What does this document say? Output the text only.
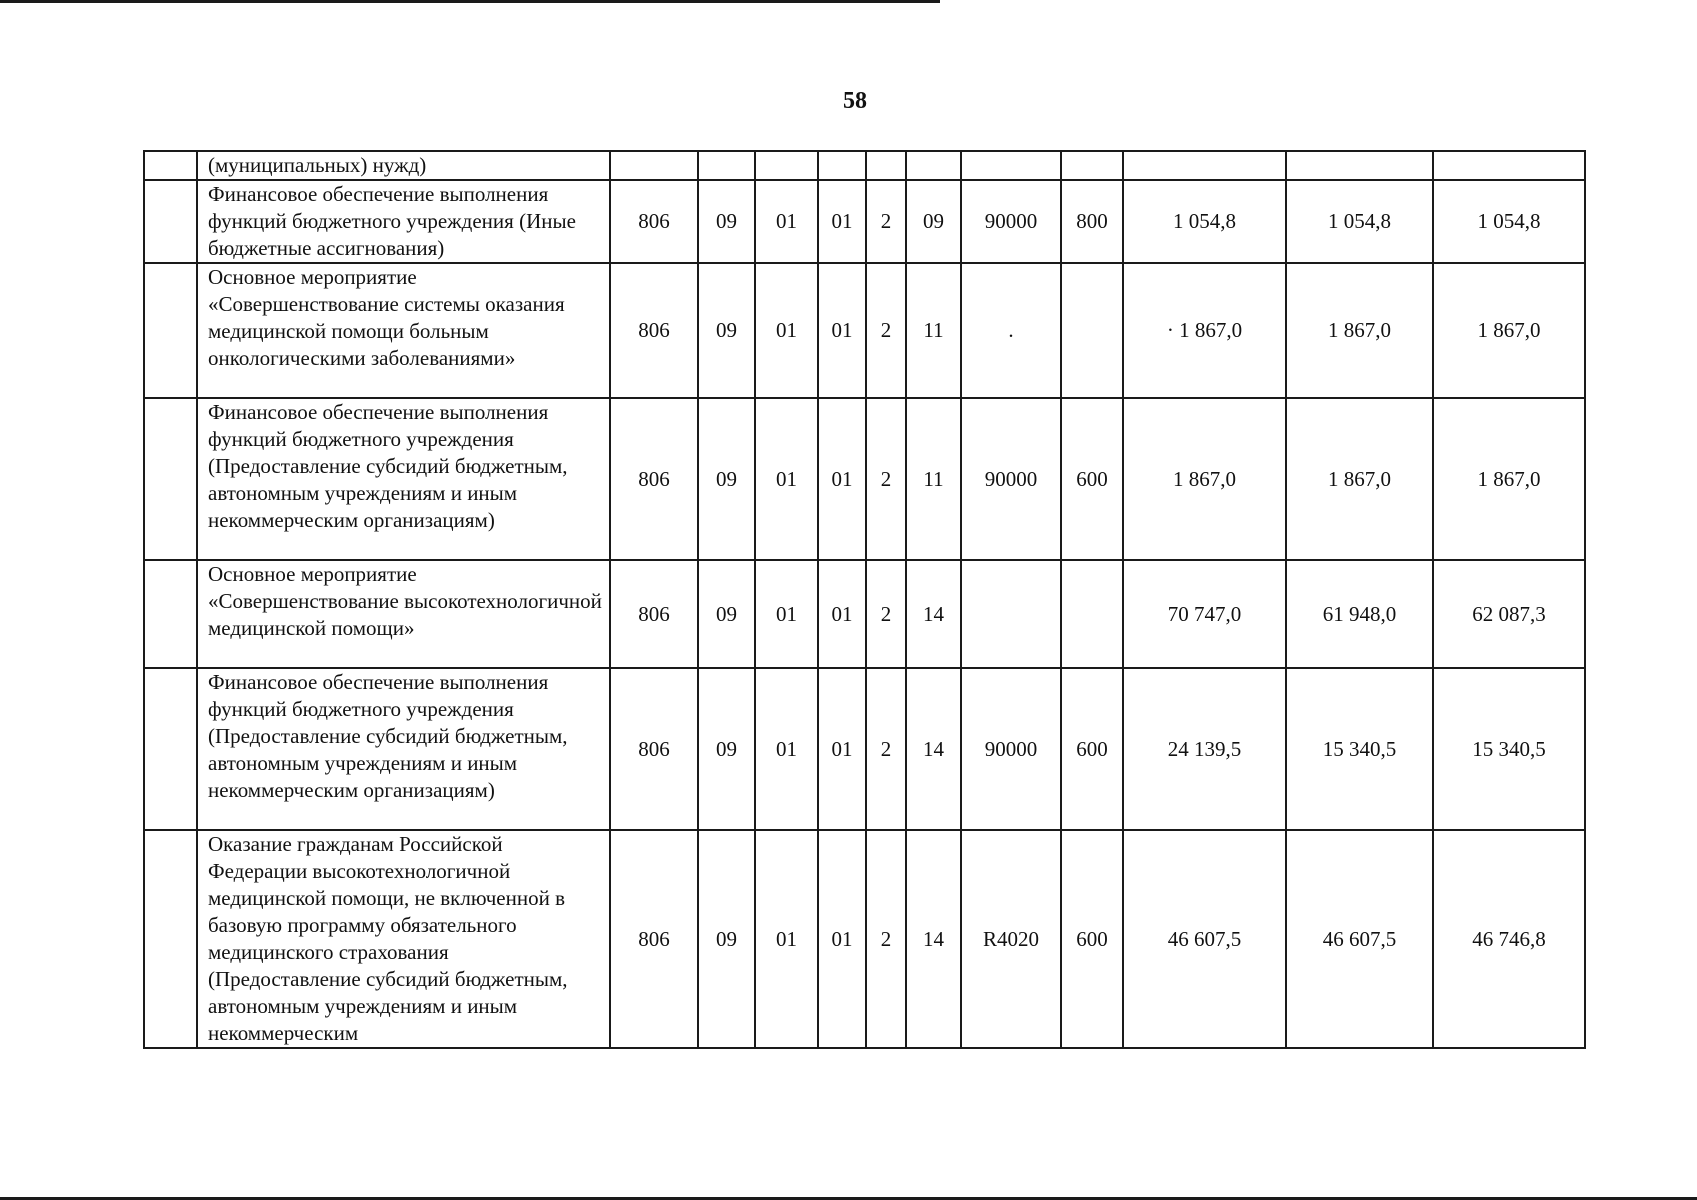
58
	(муниципальных) нужд)											
	Финансовое обеспечение выполнения функций бюджетного учреждения (Иные бюджетные ассигнования)	806	09	01	01	2	09	90000	800	1 054,8	1 054,8	1 054,8
	Основное мероприятие «Совершенствование системы оказания медицинской помощи больным онкологическими заболеваниями»	806	09	01	01	2	11	.		· 1 867,0	1 867,0	1 867,0
	Финансовое обеспечение выполнения функций бюджетного учреждения (Предоставление субсидий бюджетным, автономным учреждениям и иным некоммерческим организациям)	806	09	01	01	2	11	90000	600	1 867,0	1 867,0	1 867,0
	Основное мероприятие «Совершенствование высокотехнологичной медицинской помощи»	806	09	01	01	2	14			70 747,0	61 948,0	62 087,3
	Финансовое обеспечение выполнения функций бюджетного учреждения (Предоставление субсидий бюджетным, автономным учреждениям и иным некоммерческим организациям)	806	09	01	01	2	14	90000	600	24 139,5	15 340,5	15 340,5
	Оказание гражданам Российской Федерации высокотехнологичной медицинской помощи, не включенной в базовую программу обязательного медицинского страхования (Предоставление субсидий бюджетным, автономным учреждениям и иным некоммерческим	806	09	01	01	2	14	R4020	600	46 607,5	46 607,5	46 746,8
